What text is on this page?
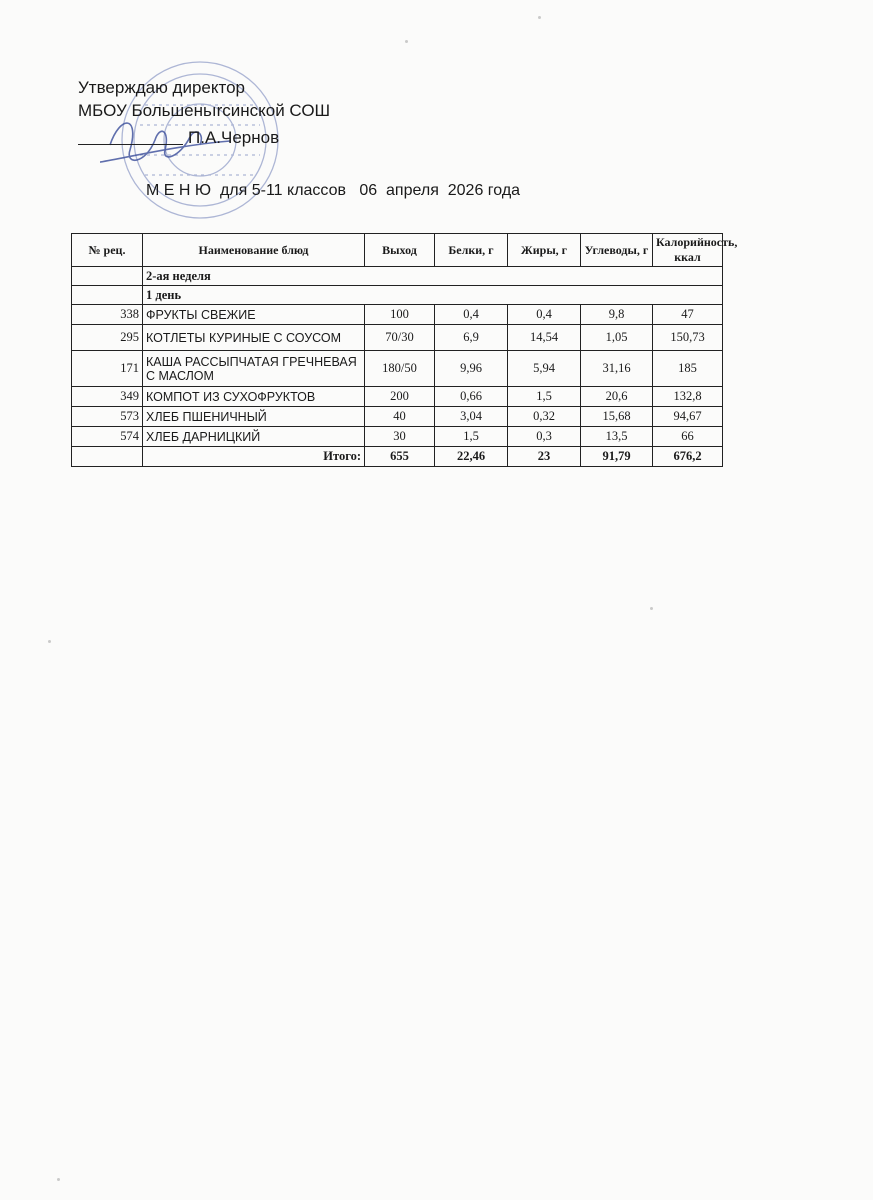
Утверждаю директор
МБОУ Большеньırсинской СОШ
П.А.Чернов
М Е Н Ю  для 5-11 классов   06  апреля  2026 года
№ рец.	Наименование блюд	Выход	Белки, г	Жиры, г	Углеводы, г	Калорийность, ккал
	2-ая неделя					
	1 день					
338	ФРУКТЫ СВЕЖИЕ	100	0,4	0,4	9,8	47
295	КОТЛЕТЫ КУРИНЫЕ С СОУСОМ	70/30	6,9	14,54	1,05	150,73
171	КАША РАССЫПЧАТАЯ ГРЕЧНЕВАЯ С МАСЛОМ	180/50	9,96	5,94	31,16	185
349	КОМПОТ ИЗ СУХОФРУКТОВ	200	0,66	1,5	20,6	132,8
573	ХЛЕБ ПШЕНИЧНЫЙ	40	3,04	0,32	15,68	94,67
574	ХЛЕБ ДАРНИЦКИЙ	30	1,5	0,3	13,5	66
	Итого:	655	22,46	23	91,79	676,2
